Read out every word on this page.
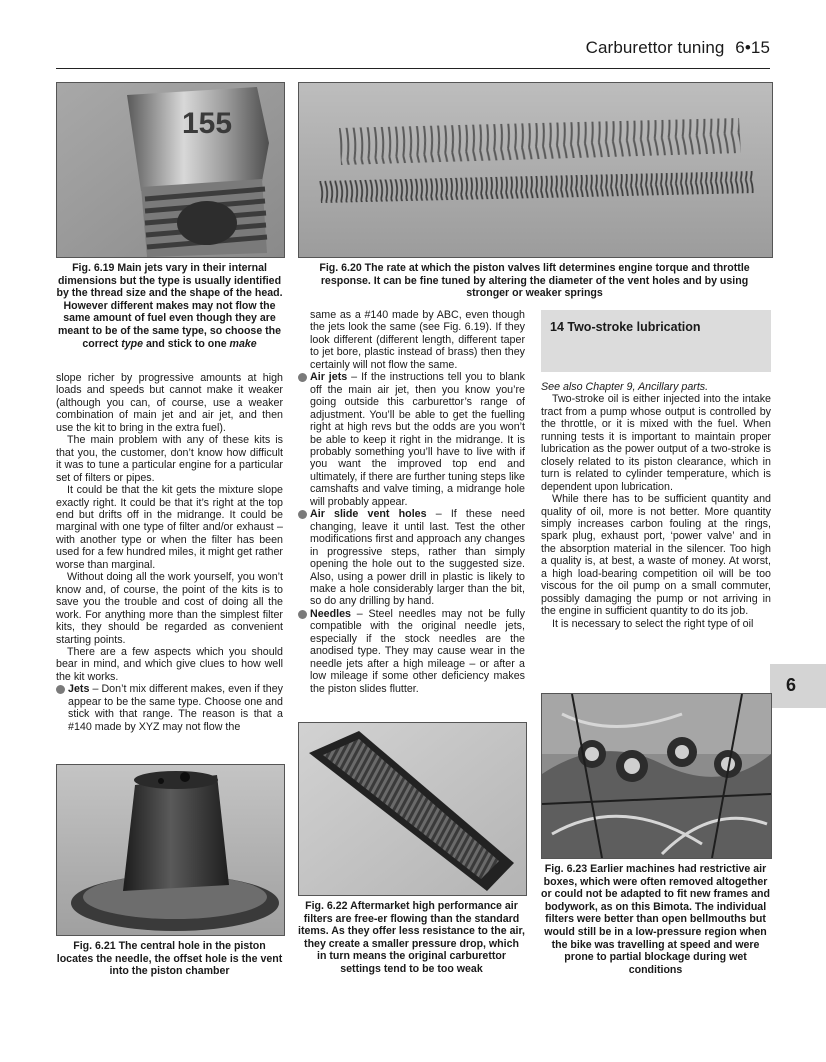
Carburettor tuning 6•15
155
Fig. 6.19 Main jets vary in their internal dimensions but the type is usually identified by the thread size and the shape of the head. However different makes may not flow the same amount of fuel even though they are meant to be of the same type, so choose the correct type and stick to one make
Fig. 6.20 The rate at which the piston valves lift determines engine torque and throttle response. It can be fine tuned by altering the diameter of the vent holes and by using stronger or weaker springs

slope richer by progressive amounts at high loads and speeds but cannot make it weaker (although you can, of course, use a weaker combination of main jet and air jet, and then use the kit to bring in the extra fuel).

The main problem with any of these kits is that you, the customer, don’t know how difficult it was to tune a particular engine for a particular set of filters or pipes.

It could be that the kit gets the mixture slope exactly right. It could be that it’s right at the top end but drifts off in the midrange. It could be marginal with one type of filter and/or exhaust – with another type or when the filter has been used for a few hundred miles, it might get rather worse than marginal.

Without doing all the work yourself, you won’t know and, of course, the point of the kits is to save you the trouble and cost of doing all the work. For anything more than the simplest filter kits, they should be regarded as convenient starting points.

There are a few aspects which you should bear in mind, and which give clues to how well the kit works.

Jets – Don’t mix different makes, even if they appear to be the same type. Choose one and stick with that range. The reason is that a #140 made by XYZ may not flow the
Fig. 6.21 The central hole in the piston locates the needle, the offset hole is the vent into the piston chamber

same as a #140 made by ABC, even though the jets look the same (see Fig. 6.19). If they look different (different length, different taper to jet bore, plastic instead of brass) then they certainly will not flow the same.

Air jets – If the instructions tell you to blank off the main air jet, then you know you’re going outside this carburettor’s range of adjustment. You’ll be able to get the fuelling right at high revs but the odds are you won’t be able to keep it right in the midrange. It is probably something you’ll have to live with if you want the improved top end and ultimately, if there are further tuning steps like camshafts and valve timing, a midrange hole will probably appear.
Air slide vent holes – If these need changing, leave it until last. Test the other modifications first and approach any changes in progressive steps, rather than simply opening the hole out to the suggested size. Also, using a power drill in plastic is likely to make a hole considerably larger than the bit, so do any drilling by hand.
Needles – Steel needles may not be fully compatible with the original needle jets, especially if the stock needles are the anodised type. They may cause wear in the needle jets after a high mileage – or after a low mileage if some other deficiency makes the piston slides flutter.
Fig. 6.22 Aftermarket high performance air filters are free-er flowing than the standard items. As they offer less resistance to the air, they create a smaller pressure drop, which in turn means the original carburettor settings tend to be too weak
14 Two-stroke lubrication

See also Chapter 9, Ancillary parts.

Two-stroke oil is either injected into the intake tract from a pump whose output is controlled by the throttle, or it is mixed with the fuel. When running tests it is important to maintain proper lubrication as the power output of a two-stroke is closely related to its piston clearance, which in turn is related to cylinder temperature, which is dependent upon lubrication.

While there has to be sufficient quantity and quality of oil, more is not better. More quantity simply increases carbon fouling at the rings, spark plug, exhaust port, ‘power valve’ and in the absorption material in the silencer. Too high a quality is, at best, a waste of money. At worst, a high load-bearing competition oil will be too viscous for the oil pump on a small commuter, possibly damaging the pump or not arriving in the engine in sufficient quantity to do its job.

It is necessary to select the right type of oil

6
Fig. 6.23 Earlier machines had restrictive air boxes, which were often removed altogether or could not be adapted to fit new frames and bodywork, as on this Bimota. The individual filters were better than open bellmouths but would still be in a low-pressure region when the bike was travelling at speed and were prone to partial blockage during wet conditions
